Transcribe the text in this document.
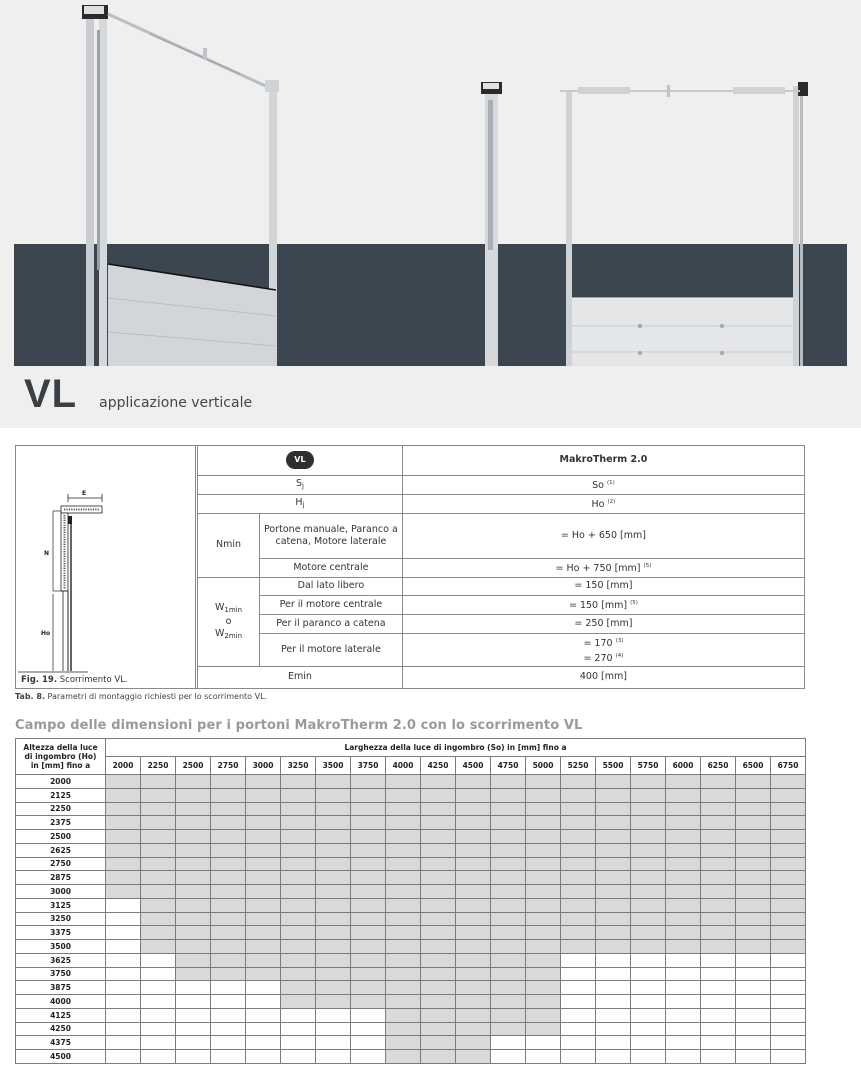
VL applicazione verticale
E
N
Ho
Fig. 19. Scorrimento VL.
VL		MakroTherm 2.0
$S_j$		So $^{(1)}$
$H_j$		Ho $^{(2)}$
Nmin	Portone manuale, Paranco a catena, Motore laterale	= Ho + 650 [mm]
	Motore centrale	= Ho + 750 [mm] $^{(5)}$

$W_{1min}$
o
$W_{2min}$	Dal lato libero	= 150 [mm]
	Per il motore centrale	= 150 [mm] $^{(5)}$
	Per il paranco a catena	= 250 [mm]
	Per il motore laterale	= 170 $^{(3)}$
= 270 $^{(4)}$

Emin		400 [mm]
Tab. 8. Parametri di montaggio richiesti per lo scorrimento VL.
Campo delle dimensioni per i portoni MakroTherm 2.0 con lo scorrimento VL
Altezza della luce
di ingombro (Ho)
in [mm] fino a	Larghezza della luce di ingombro (So) in [mm] fino a																			
	2000	2250	2500	2750	3000	3250	3500	3750	4000	4250	4500	4750	5000	5250	5500	5750	6000	6250	6500	6750
2000																				
2125																				
2250																				
2375																				
2500																				
2625																				
2750																				
2875																				
3000																				
3125																				
3250																				
3375																				
3500																				
3625																				
3750																				
3875																				
4000																				
4125																				
4250																				
4375																				
4500																				
